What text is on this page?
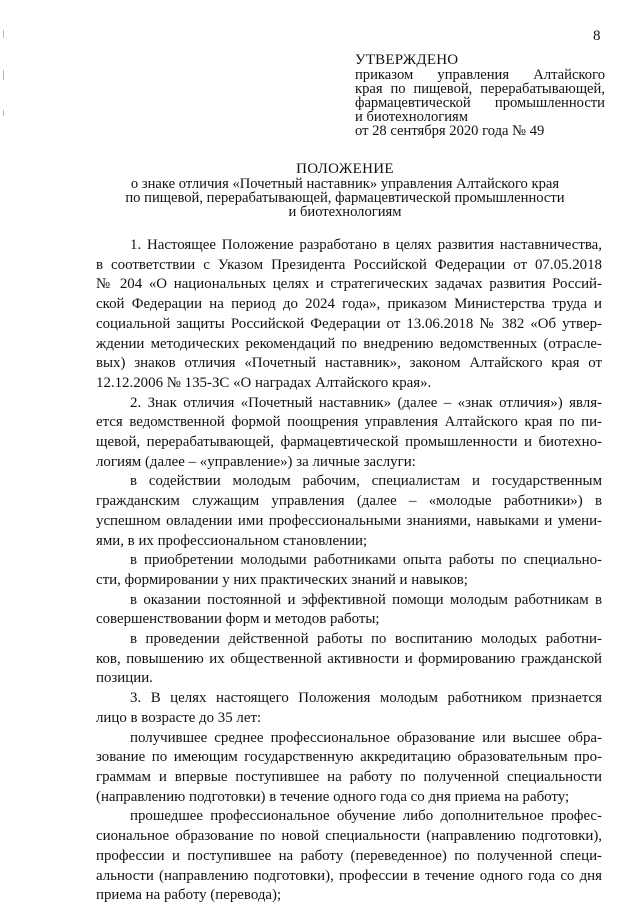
8
УТВЕРЖДЕНО
приказом управления Алтайского
края по пищевой, перерабатывающей,
фармацевтической промышленности
и биотехнологиям
от 28 сентября 2020 года № 49
ПОЛОЖЕНИЕ
о знаке отличия «Почетный наставник» управления Алтайского края
по пищевой, перерабатывающей, фармацевтической промышленности
и биотехнологиям
1. Настоящее Положение разработано в целях развития наставничества,
в соответствии с Указом Президента Российской Федерации от 07.05.2018
№ 204 «О национальных целях и стратегических задачах развития Россий-
ской Федерации на период до 2024 года», приказом Министерства труда и
социальной защиты Российской Федерации от 13.06.2018 № 382 «Об утвер-
ждении методических рекомендаций по внедрению ведомственных (отрасле-
вых) знаков отличия «Почетный наставник», законом Алтайского края от
12.12.2006 № 135-ЗС «О наградах Алтайского края».
2. Знак отличия «Почетный наставник» (далее – «знак отличия») явля-
ется ведомственной формой поощрения управления Алтайского края по пи-
щевой, перерабатывающей, фармацевтической промышленности и биотехно-
логиям (далее – «управление») за личные заслуги:
в содействии молодым рабочим, специалистам и государственным
гражданским служащим управления (далее – «молодые работники») в
успешном овладении ими профессиональными знаниями, навыками и умени-
ями, в их профессиональном становлении;
в приобретении молодыми работниками опыта работы по специально-
сти, формировании у них практических знаний и навыков;
в оказании постоянной и эффективной помощи молодым работникам в
совершенствовании форм и методов работы;
в проведении действенной работы по воспитанию молодых работни-
ков, повышению их общественной активности и формированию гражданской
позиции.
3. В целях настоящего Положения молодым работником признается
лицо в возрасте до 35 лет:
получившее среднее профессиональное образование или высшее обра-
зование по имеющим государственную аккредитацию образовательным про-
граммам и впервые поступившее на работу по полученной специальности
(направлению подготовки) в течение одного года со дня приема на работу;
прошедшее профессиональное обучение либо дополнительное профес-
сиональное образование по новой специальности (направлению подготовки),
профессии и поступившее на работу (переведенное) по полученной специ-
альности (направлению подготовки), профессии в течение одного года со дня
приема на работу (перевода);
